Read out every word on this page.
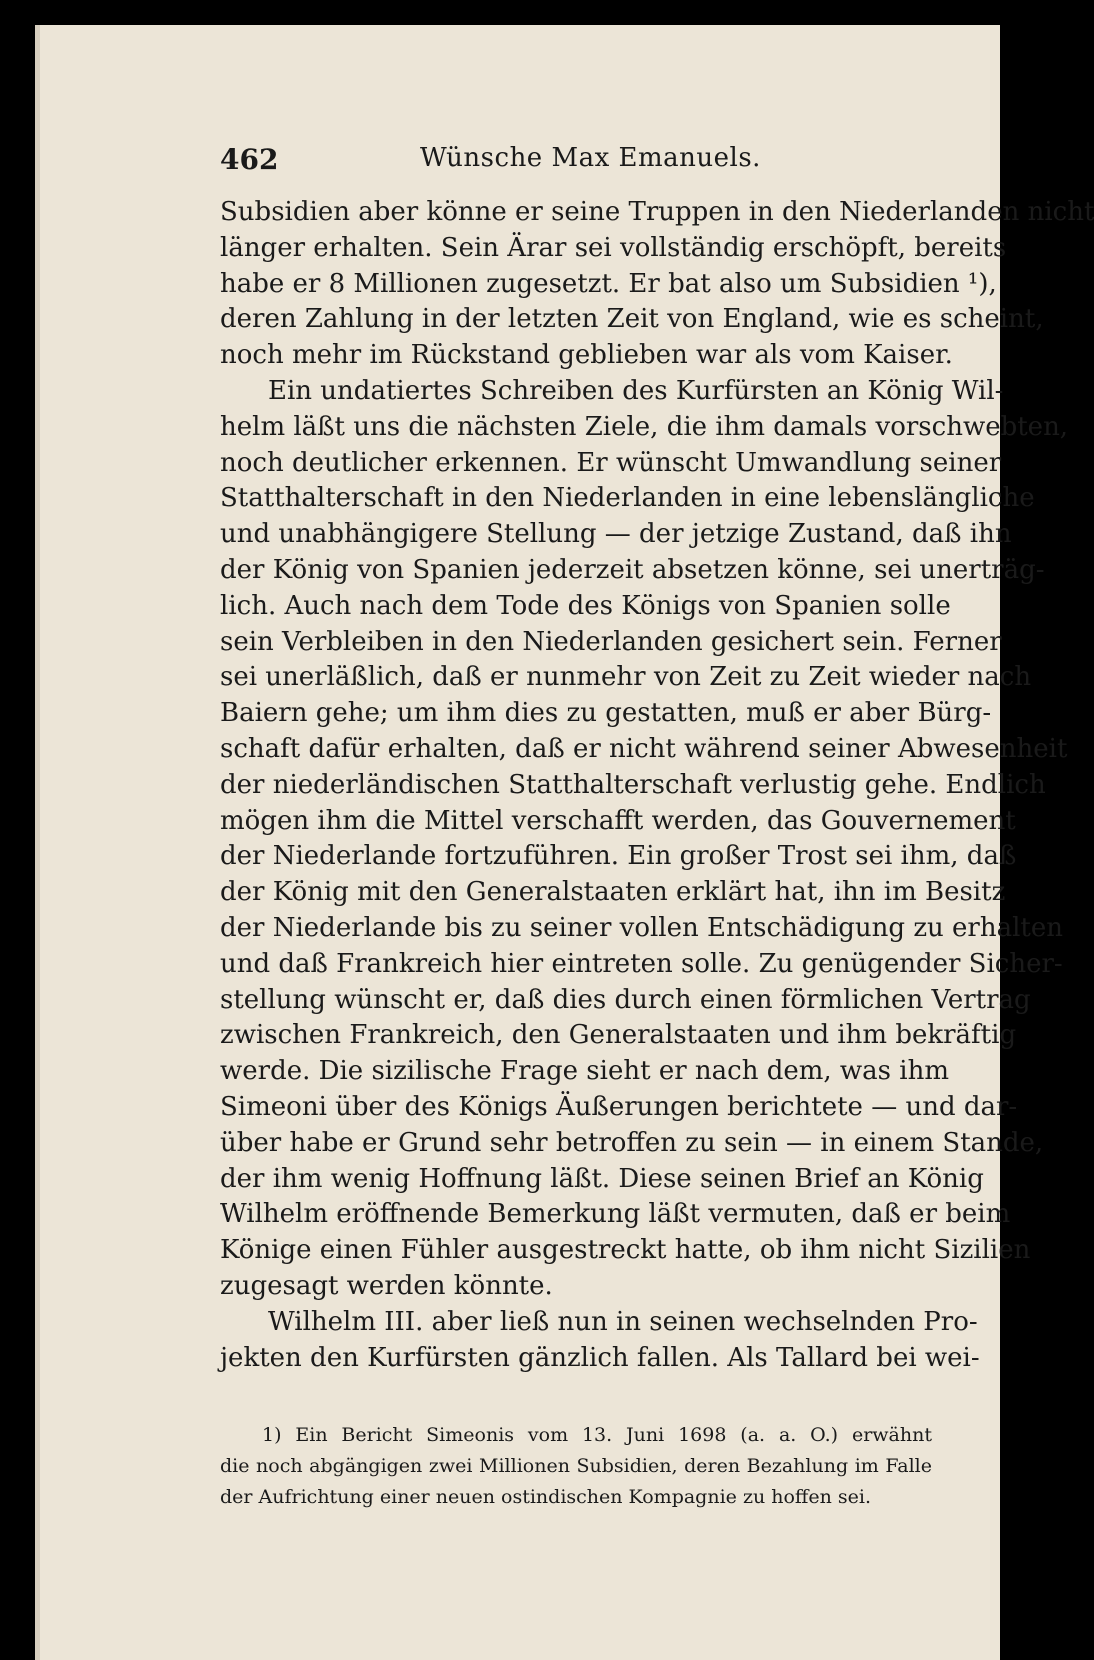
462	Wünsche Max Emanuels.
Subsidien aber könne er seine Truppen in den Niederlanden nicht
länger erhalten. Sein Ärar sei vollständig erschöpft, bereits
habe er 8 Millionen zugesetzt. Er bat also um Subsidien ¹),
deren Zahlung in der letzten Zeit von England, wie es scheint,
noch mehr im Rückstand geblieben war als vom Kaiser.
Ein undatiertes Schreiben des Kurfürsten an König Wil-
helm läßt uns die nächsten Ziele, die ihm damals vorschwebten,
noch deutlicher erkennen. Er wünscht Umwandlung seiner
Statthalterschaft in den Niederlanden in eine lebenslängliche
und unabhängigere Stellung — der jetzige Zustand, daß ihn
der König von Spanien jederzeit absetzen könne, sei unerträg-
lich. Auch nach dem Tode des Königs von Spanien solle
sein Verbleiben in den Niederlanden gesichert sein. Ferner
sei unerläßlich, daß er nunmehr von Zeit zu Zeit wieder nach
Baiern gehe; um ihm dies zu gestatten, muß er aber Bürg-
schaft dafür erhalten, daß er nicht während seiner Abwesenheit
der niederländischen Statthalterschaft verlustig gehe. Endlich
mögen ihm die Mittel verschafft werden, das Gouvernement
der Niederlande fortzuführen. Ein großer Trost sei ihm, daß
der König mit den Generalstaaten erklärt hat, ihn im Besitz
der Niederlande bis zu seiner vollen Entschädigung zu erhalten
und daß Frankreich hier eintreten solle. Zu genügender Sicher-
stellung wünscht er, daß dies durch einen förmlichen Vertrag
zwischen Frankreich, den Generalstaaten und ihm bekräftig
werde. Die sizilische Frage sieht er nach dem, was ihm
Simeoni über des Königs Äußerungen berichtete — und dar-
über habe er Grund sehr betroffen zu sein — in einem Stande,
der ihm wenig Hoffnung läßt. Diese seinen Brief an König
Wilhelm eröffnende Bemerkung läßt vermuten, daß er beim
Könige einen Fühler ausgestreckt hatte, ob ihm nicht Sizilien
zugesagt werden könnte.
Wilhelm III. aber ließ nun in seinen wechselnden Pro-
jekten den Kurfürsten gänzlich fallen. Als Tallard bei wei-
1) Ein Bericht Simeonis vom 13. Juni 1698 (a. a. O.) erwähnt
die noch abgängigen zwei Millionen Subsidien, deren Bezahlung im Falle
der Aufrichtung einer neuen ostindischen Kompagnie zu hoffen sei.
